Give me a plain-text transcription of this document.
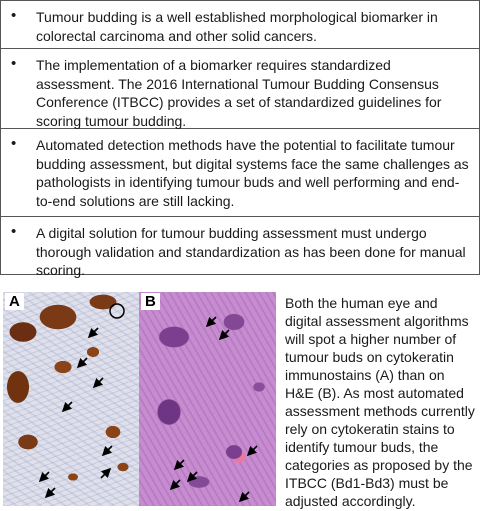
• Tumour budding is a well established morphological biomarker in colorectal carcinoma and other solid cancers.
• The implementation of a biomarker requires standardized assessment. The 2016 International Tumour Budding Consensus Conference (ITBCC) provides a set of standardized guidelines for scoring tumour budding.
• Automated detection methods have the potential to facilitate tumour budding assessment, but digital systems face the same challenges as pathologists in identifying tumour buds and well performing and end-to-end solutions are still lacking.
• A digital solution for tumour budding assessment must undergo thorough validation and standardization as has been done for manual scoring.
A	B	Both the human eye and digital assessment algorithms will spot a higher number of tumour buds on cytokeratin immunostains (A) than on H&E (B). As most automated assessment methods currently rely on cytokeratin stains to identify tumour buds, the categories as proposed by the ITBCC (Bd1-Bd3) must be adjusted accordingly.
